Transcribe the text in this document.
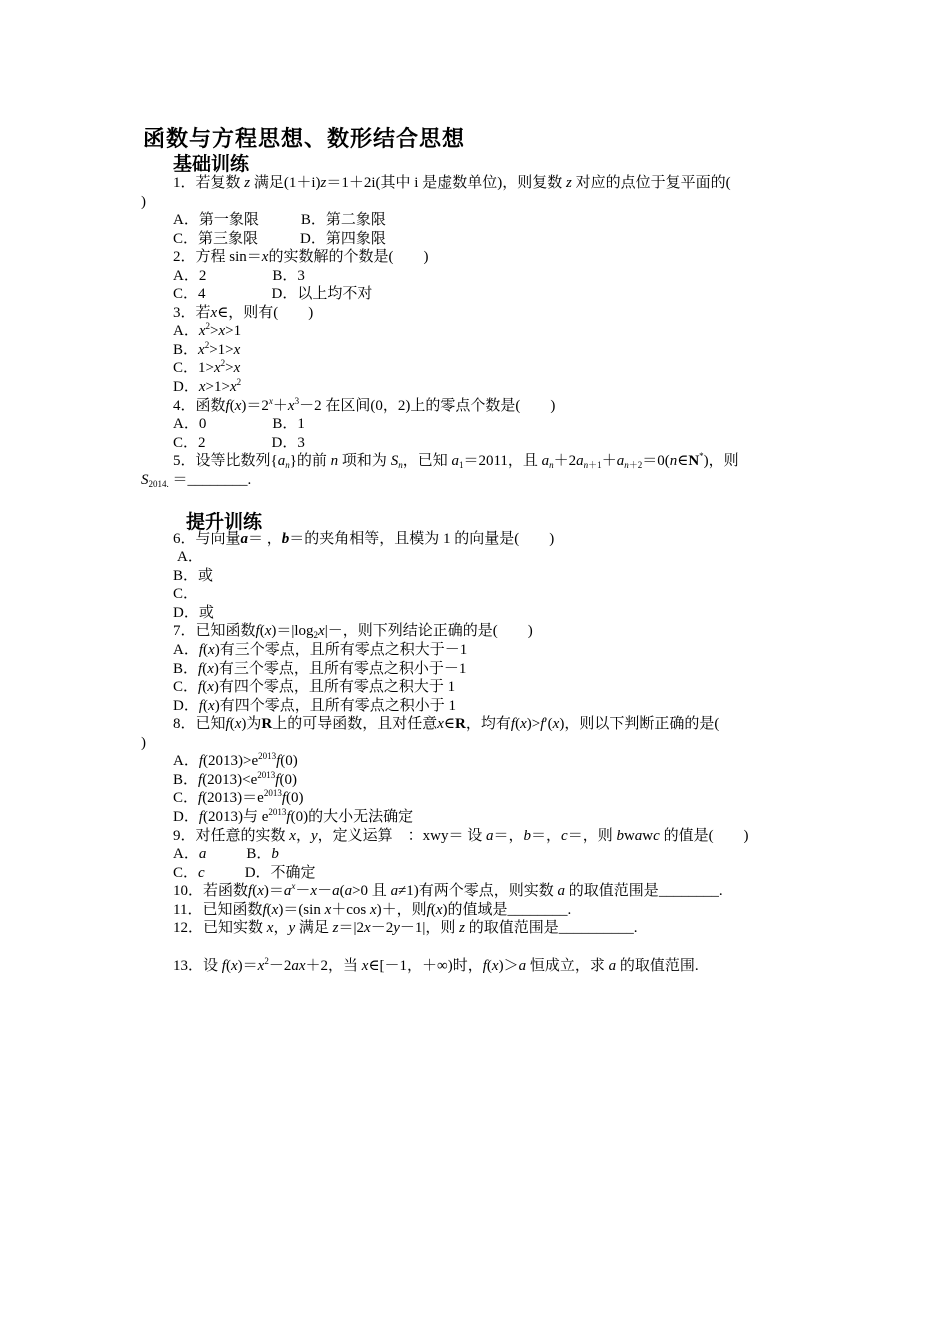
函数与方程思想、数形结合思想
基础训练
1．若复数 z 满足(1＋i)z＝1＋2i(其中 i 是虚数单位)，则复数 z 对应的点位于复平面的(
)
A．第一象限	B．第二象限
C．第三象限	D．第四象限
2．方程 sin＝x的实数解的个数是(　　)
A．2	B．3
C．4	D．以上均不对
3．若x∈，则有(　　)
A．$x^2>x>1$
B．$x^2>1>x$
C．$1>x^2>x$
D．$x>1>x^2$
4．函数$f(x)=2^x+x^3-2$ 在区间(0，2)上的零点个数是(　　)
A．0	B．1
C．2	D．3
5．设等比数列$\{a_n\}$的前 n 项和为 $S_n$，已知 $a_1=2011$，且 $a_n+2a_{n+1}+a_{n+2}=0(n\in N^*)$，则
$S_{2014.}$ ＝________.
提升训练
6．与向量a＝ ，b＝的夹角相等，且模为 1 的向量是(　　)
A．
B．或
C．
D．或
7．已知函数$f(x)=|\log_2x|-$，则下列结论正确的是(　　)
A．f(x)有三个零点，且所有零点之积大于－1
B．f(x)有三个零点，且所有零点之积小于－1
C．f(x)有四个零点，且所有零点之积大于 1
D．f(x)有四个零点，且所有零点之积小于 1
8．已知f(x)为R上的可导函数，且对任意x∈R，均有f(x)>f′(x)，则以下判断正确的是(
)
A．$f(2013)>e^{2013}f(0)$
B．$f(2013)<e^{2013}f(0)$
C．$f(2013)=e^{2013}f(0)$
D．f(2013)与 $e^{2013}f(0)$的大小无法确定
9．对任意的实数 x，y，定义运算　：xwy＝ 设 a＝，b＝，c＝，则 bwawc 的值是(　　)
A．a	B．b
C．c	D．不确定
10．若函数$f(x)=a^x-x-a(a>0$ 且 a≠1)有两个零点，则实数 a 的取值范围是________.
11．已知函数f(x)＝(sin x＋cos x)＋，则f(x)的值域是________.
12．已知实数 x，y 满足 z＝|2x－2y－1|，则 z 的取值范围是__________.
13．设 $f(x)=x^2-2ax+2$，当 x∈[－1，＋∞)时，f(x)＞a 恒成立，求 a 的取值范围.
